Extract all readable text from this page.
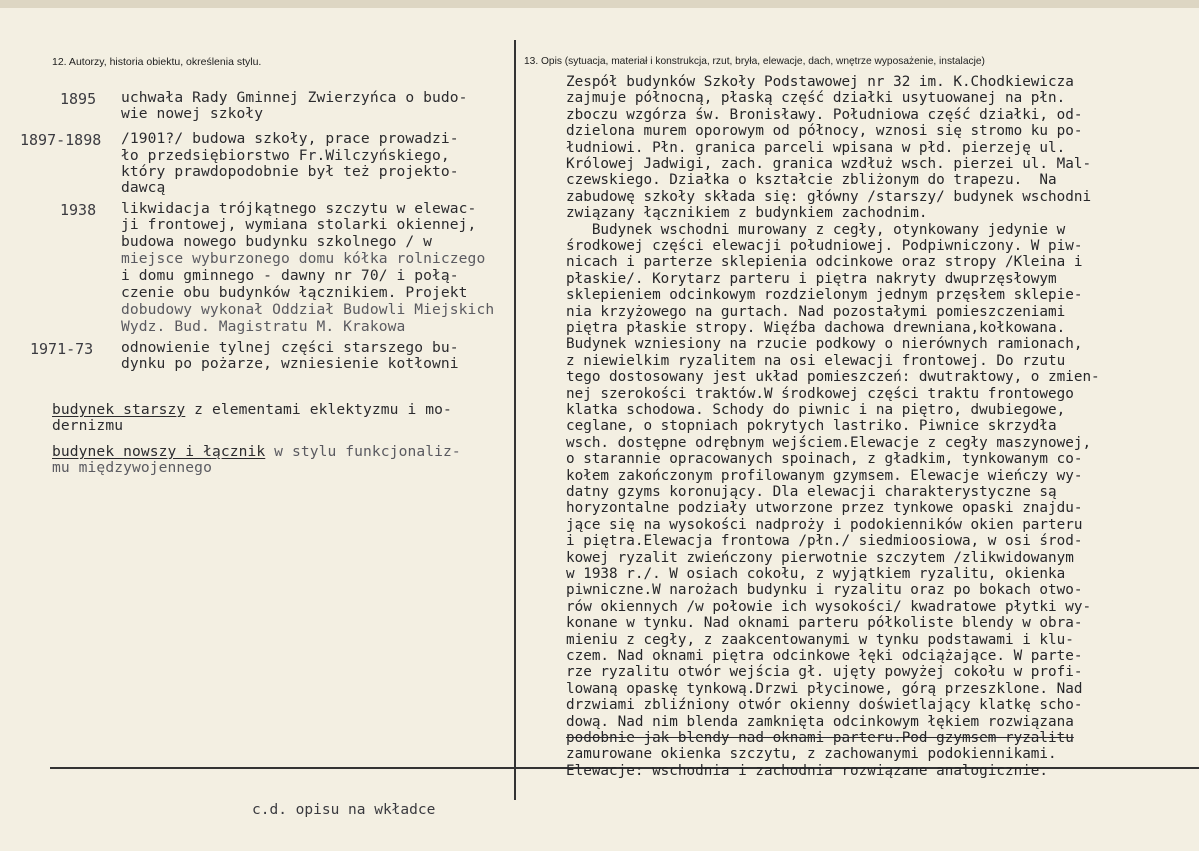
12. Autorzy, historia obiektu, określenia stylu.	13. Opis (sytuacja, materiał i konstrukcja, rzut, bryła, elewacje, dach, wnętrze wyposażenie, instalacje)
1895 uchwała Rady Gminnej Zwierzyńca o budo-
wie nowej szkoły
1897-1898 /1901?/ budowa szkoły, prace prowadzi-
ło przedsiębiorstwo Fr.Wilczyńskiego,
który prawdopodobnie był też projekto-
dawcą
1938 likwidacja trójkątnego szczytu w elewac-
ji frontowej, wymiana stolarki okiennej,
budowa nowego budynku szkolnego / w
miejsce wyburzonego domu kółka rolniczego
i domu gminnego - dawny nr 70/ i połą-
czenie obu budynków łącznikiem. Projekt
dobudowy wykonał Oddział Budowli Miejskich
Wydz. Bud. Magistratu M. Krakowa
1971-73 odnowienie tylnej części starszego bu-
dynku po pożarze, wzniesienie kotłowni
budynek starszy z elementami eklektyzmu i mo-
dernizmu
budynek nowszy i łącznik w stylu funkcjonaliz-
mu międzywojennego
Zespół budynków Szkoły Podstawowej nr 32 im. K.Chodkiewicza
zajmuje północną, płaską część działki usytuowanej na płn.
zboczu wzgórza św. Bronisławy. Południowa część działki, od-
dzielona murem oporowym od północy, wznosi się stromo ku po-
łudniowi. Płn. granica parceli wpisana w płd. pierzeję ul.
Królowej Jadwigi, zach. granica wzdłuż wsch. pierzei ul. Mal-
czewskiego. Działka o kształcie zbliżonym do trapezu.  Na
zabudowę szkoły składa się: główny /starszy/ budynek wschodni
związany łącznikiem z budynkiem zachodnim.
Budynek wschodni murowany z cegły, otynkowany jedynie w
środkowej części elewacji południowej. Podpiwniczony. W piw-
nicach i parterze sklepienia odcinkowe oraz stropy /Kleina i
płaskie/. Korytarz parteru i piętra nakryty dwuprzęsłowym
sklepieniem odcinkowym rozdzielonym jednym przęsłem sklepie-
nia krzyżowego na gurtach. Nad pozostałymi pomieszczeniami
piętra płaskie stropy. Więźba dachowa drewniana,kołkowana.
Budynek wzniesiony na rzucie podkowy o nierównych ramionach,
z niewielkim ryzalitem na osi elewacji frontowej. Do rzutu
tego dostosowany jest układ pomieszczeń: dwutraktowy, o zmien-
nej szerokości traktów.W środkowej części traktu frontowego
klatka schodowa. Schody do piwnic i na piętro, dwubiegowe,
ceglane, o stopniach pokrytych lastriko. Piwnice skrzydła
wsch. dostępne odrębnym wejściem.Elewacje z cegły maszynowej,
o starannie opracowanych spoinach, z gładkim, tynkowanym co-
kołem zakończonym profilowanym gzymsem. Elewacje wieńczy wy-
datny gzyms koronujący. Dla elewacji charakterystyczne są
horyzontalne podziały utworzone przez tynkowe opaski znajdu-
jące się na wysokości nadproży i podokienników okien parteru
i piętra.Elewacja frontowa /płn./ siedmioosiowa, w osi środ-
kowej ryzalit zwieńczony pierwotnie szczytem /zlikwidowanym
w 1938 r./. W osiach cokołu, z wyjątkiem ryzalitu, okienka
piwniczne.W narożach budynku i ryzalitu oraz po bokach otwo-
rów okiennych /w połowie ich wysokości/ kwadratowe płytki wy-
konane w tynku. Nad oknami parteru półkoliste blendy w obra-
mieniu z cegły, z zaakcentowanymi w tynku podstawami i klu-
czem. Nad oknami piętra odcinkowe łęki odciążające. W parte-
rze ryzalitu otwór wejścia gł. ujęty powyżej cokołu w profi-
lowaną opaskę tynkową.Drzwi płycinowe, górą przeszklone. Nad
drzwiami zbliźniony otwór okienny doświetlający klatkę scho-
dową. Nad nim blenda zamknięta odcinkowym łękiem rozwiązana
podobnie jak blendy nad oknami parteru.Pod gzymsem ryzalitu
zamurowane okienka szczytu, z zachowanymi podokiennikami.
Elewacje: wschodnia i zachodnia rozwiązane analogicznie.
c.d. opisu na wkładce
